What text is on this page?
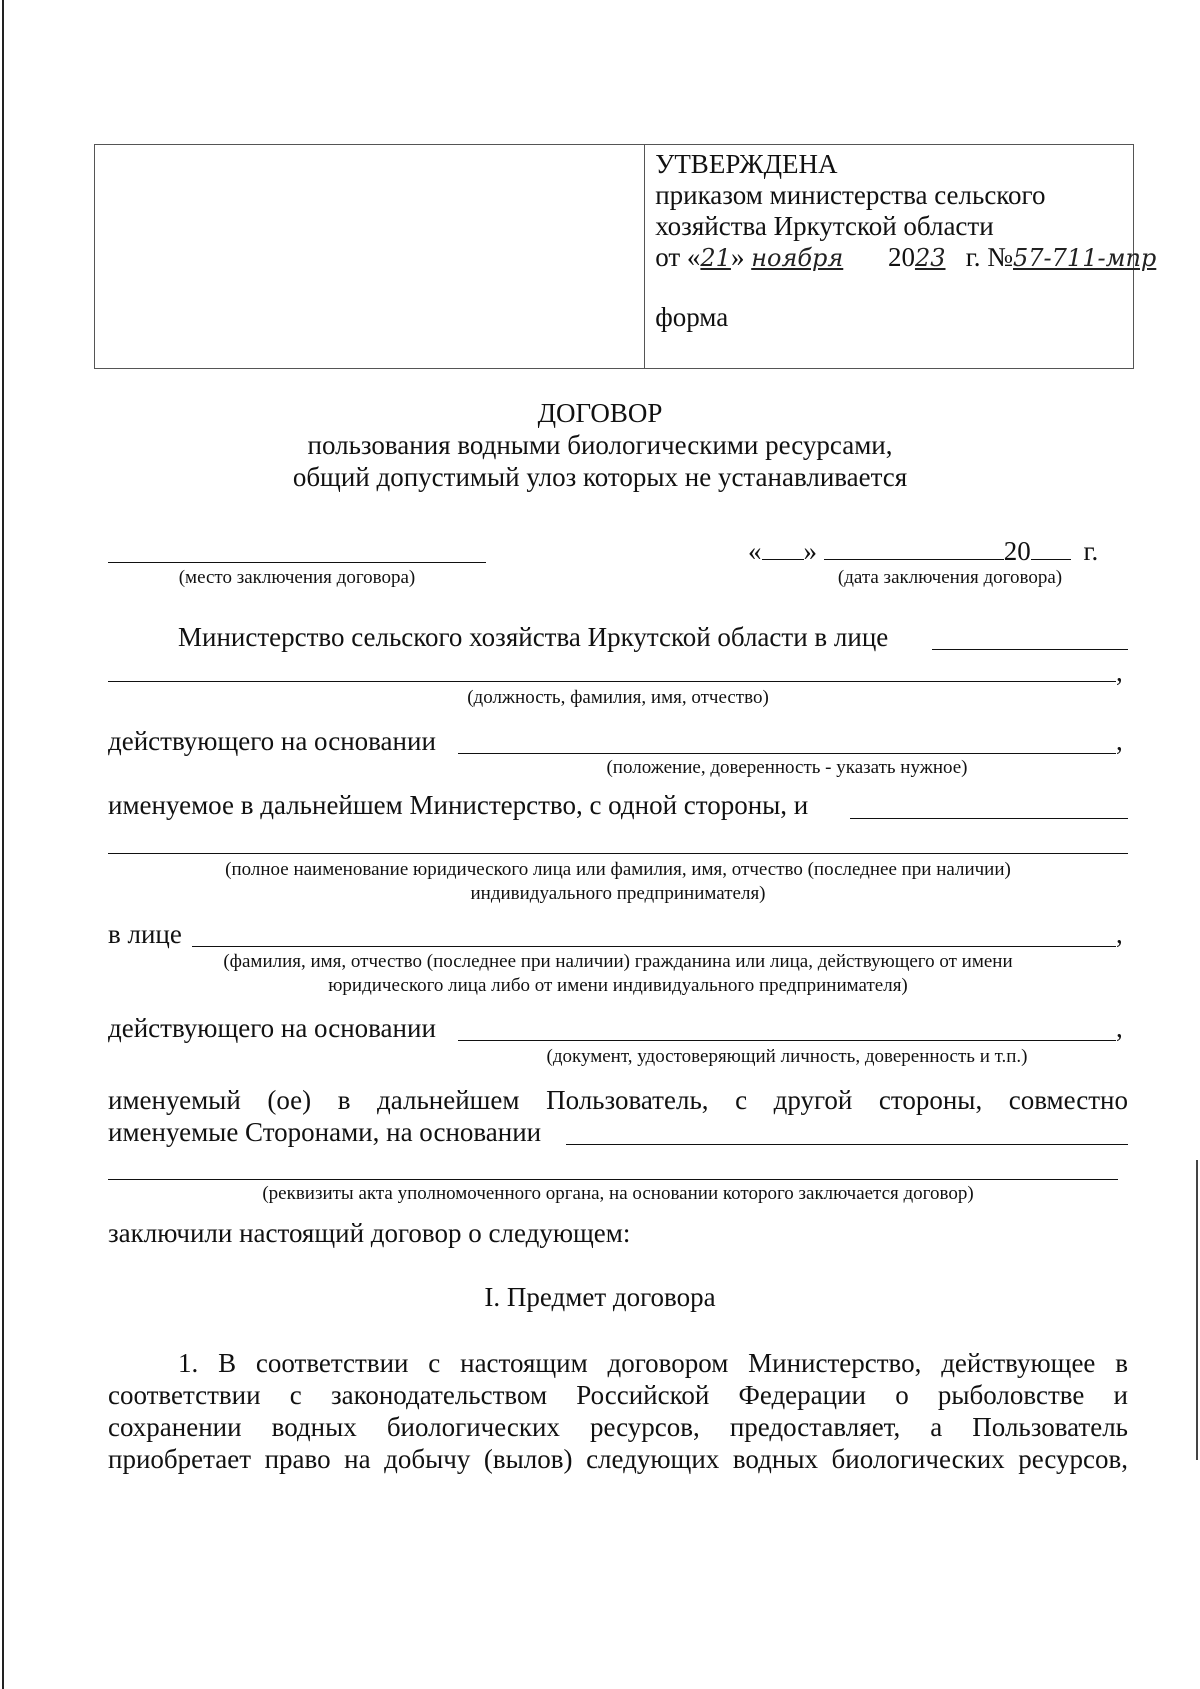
УТВЕРЖДЕНА
приказом министерства сельского
хозяйства Иркутской области
от «21» ноября 2023 г. №57-711-мпр
форма
ДОГОВОР
пользования водными биологическими ресурсами,
общий допустимый улоз которых не устанавливается
(место заключения договора)
« »	20 г.
(дата заключения договора)
Министерство сельского хозяйства Иркутской области в лице
,
(должность, фамилия, имя, отчество)
действующего на основании	,
(положение, доверенность - указать нужное)
именуемое в дальнейшем Министерство, с одной стороны, и
(полное наименование юридического лица или фамилия, имя, отчество (последнее при наличии)
индивидуального предпринимателя)
в лице	,
(фамилия, имя, отчество (последнее при наличии) гражданина или лица, действующего от имени
юридического лица либо от имени индивидуального предпринимателя)
действующего на основании	,
(документ, удостоверяющий личность, доверенность и т.п.)
именуемый (ое) в дальнейшем Пользователь, с другой стороны, совместно
именуемые Сторонами, на основании
(реквизиты акта уполномоченного органа, на основании которого заключается договор)
заключили настоящий договор о следующем:
I. Предмет договора
1. В соответствии с настоящим договором Министерство, действующее в
соответствии с законодательством Российской Федерации о рыболовстве и
сохранении водных биологических ресурсов, предоставляет, а Пользователь
приобретает право на добычу (вылов) следующих водных биологических ресурсов,
